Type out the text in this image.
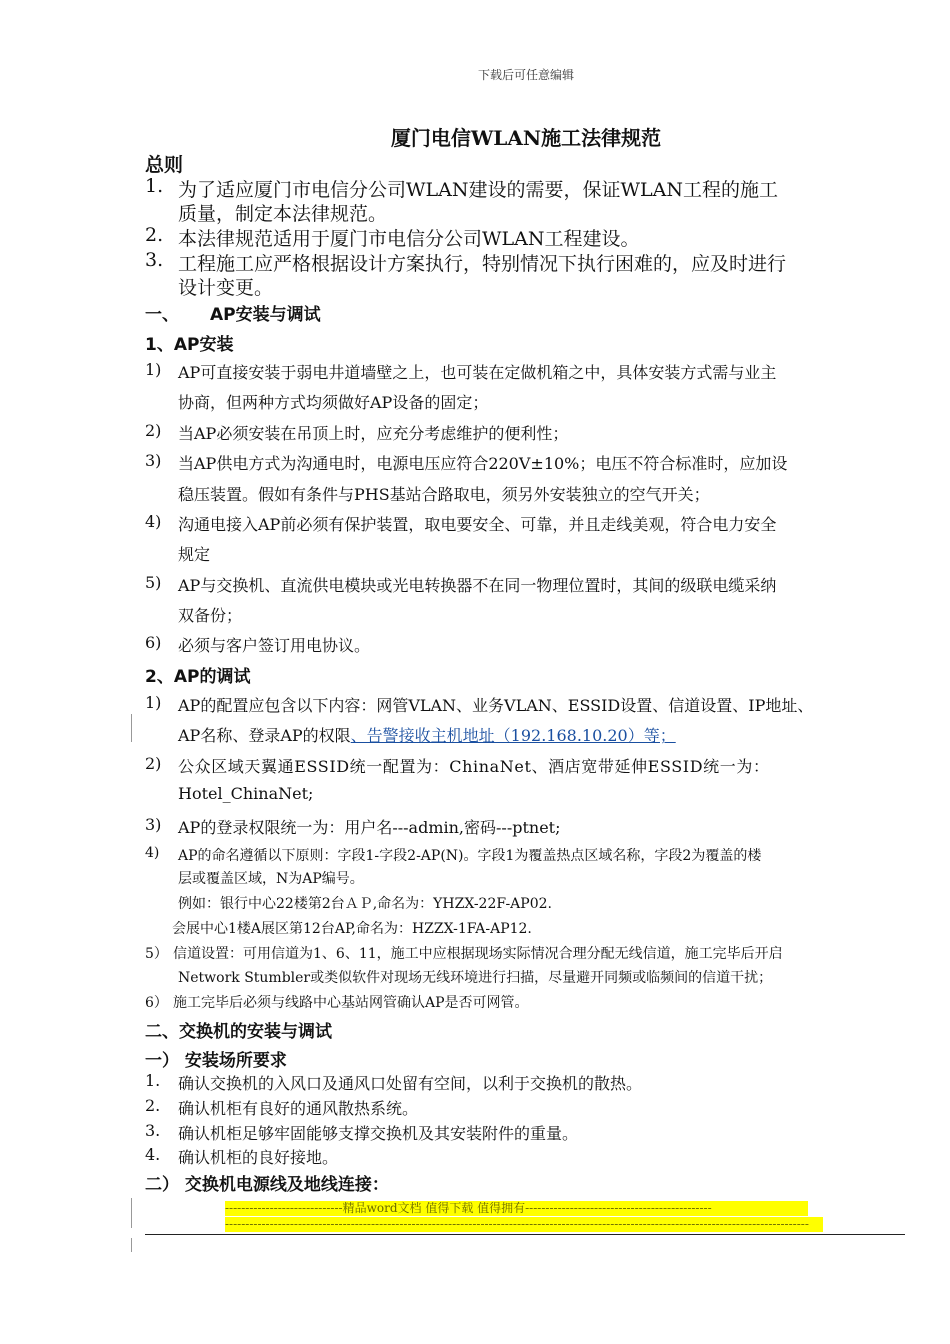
下载后可任意编辑
厦门电信WLAN施工法律规范
总则
1. 为了适应厦门市电信分公司WLAN建设的需要，保证WLAN工程的施工
质量，制定本法律规范。
2. 本法律规范适用于厦门市电信分公司WLAN工程建设。
3. 工程施工应严格根据设计方案执行，特别情况下执行困难的，应及时进行
设计变更。
一、 AP安装与调试
1、AP安装
1) AP可直接安装于弱电井道墙壁之上，也可装在定做机箱之中，具体安装方式需与业主
协商，但两种方式均须做好AP设备的固定；
2) 当AP必须安装在吊顶上时，应充分考虑维护的便利性；
3) 当AP供电方式为沟通电时，电源电压应符合220V±10%；电压不符合标准时，应加设
稳压装置。假如有条件与PHS基站合路取电，须另外安装独立的空气开关；
4) 沟通电接入AP前必须有保护装置，取电要安全、可靠，并且走线美观，符合电力安全
规定
5) AP与交换机、直流供电模块或光电转换器不在同一物理位置时，其间的级联电缆采纳
双备份；
6) 必须与客户签订用电协议。
2、AP的调试
1) AP的配置应包含以下内容：网管VLAN、业务VLAN、ESSID设置、信道设置、IP地址、
AP名称、登录AP的权限、告警接收主机地址（192.168.10.20）等；
2) 公众区域天翼通ESSID统一配置为：ChinaNet、酒店宽带延伸ESSID统一为：
Hotel_ChinaNet;
3) AP的登录权限统一为：用户名---admin,密码---ptnet;
4) AP的命名遵循以下原则：字段1-字段2-AP(N)。字段1为覆盖热点区域名称，字段2为覆盖的楼
层或覆盖区域，N为AP编号。
例如：银行中心22楼第2台ＡＰ,命名为：YHZX-22F-AP02.
会展中心1楼A展区第12台AP,命名为：HZZX-1FA-AP12.
5） 信道设置：可用信道为1、6、11，施工中应根据现场实际情况合理分配无线信道，施工完毕后开启
Network Stumbler或类似软件对现场无线环境进行扫描，尽量避开同频或临频间的信道干扰；
6） 施工完毕后必须与线路中心基站网管确认AP是否可网管。
二、交换机的安装与调试
一） 安装场所要求
1. 确认交换机的入风口及通风口处留有空间，以利于交换机的散热。
2. 确认机柜有良好的通风散热系统。
3. 确认机柜足够牢固能够支撑交换机及其安装附件的重量。
4. 确认机柜的良好接地。
二） 交换机电源线及地线连接：
-----------------------------精品word文档 值得下载 值得拥有----------------------------------------------
------------------------------------------------------------------------------------------------------------------------------------------------
